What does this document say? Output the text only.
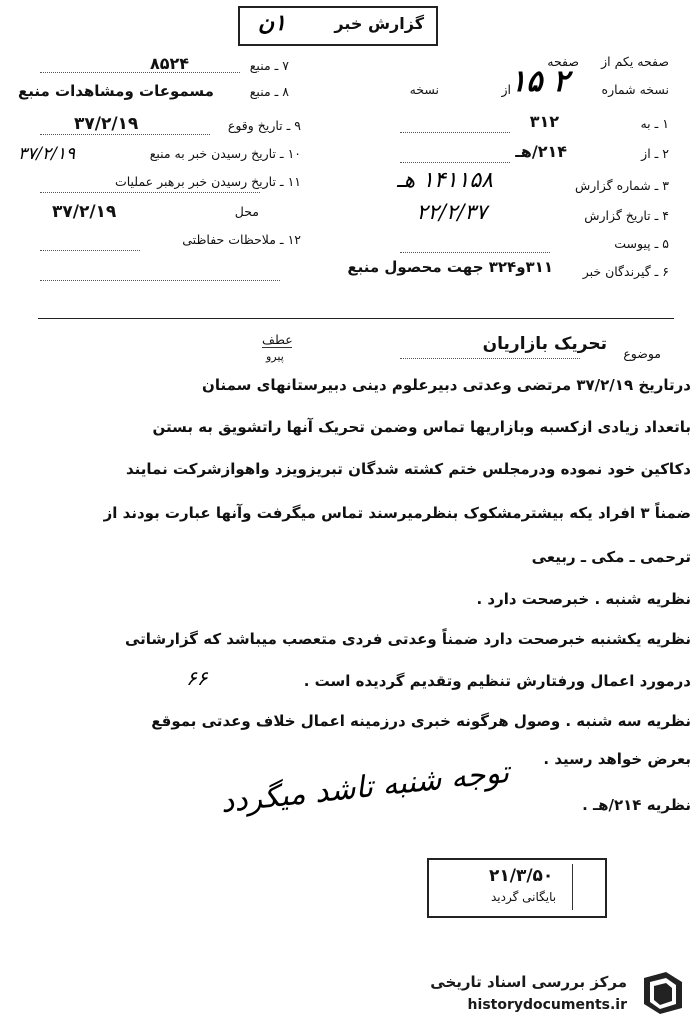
گزارش خبر
۱ن
۷ ـ منبع
۸۵۲۴
۸ ـ منبع
مسموعات ومشاهدات منبع
۹ ـ تاریخ وقوع
۳۷/۲/۱۹
۱۰ ـ تاریخ رسیدن خبر به منبع
۳۷/۲/۱۹
۱۱ ـ تاریخ رسیدن خبر برهبر عملیات
محل
۳۷/۲/۱۹
۱۲ ـ ملاحظات حفاظتی
صفحه یکم از
صفحه
نسخه شماره
۲ ۱۵
از
نسخه
۱ ـ به
۳۱۲
۲ ـ از
۲۱۴/هـ
۳ ـ شماره گزارش
۱۴۱۱۵۸ هـ
۴ ـ تاریخ گزارش
۲۲/۲/۳۷
۵ ـ پیوست
۶ ـ گیرندگان خبر
۳۱۱و۳۲۴ جهت محصول منبع
عطف
پیرو	موضوع
تحریک بازاریان
درتاریخ ۳۷/۲/۱۹ مرتضی وعدتی دبیرعلوم دینی دبیرستانهای سمنان
باتعداد زیادی ازکسبه وبازاریها تماس وضمن تحریک آنها راتشویق به بستن
دکاکین خود نموده ودرمجلس ختم کشته شدگان تبریزویزد واهوازشرکت نمایند
ضمناً ۳ افراد یکه بیشترمشکوک بنظرمیرسند تماس میگرفت وآنها عبارت بودند از
ترحمی ـ مکی ـ ربیعی
نظریه شنبه . خبرصحت دارد .
نظریه یکشنبه خبرصحت دارد ضمناً وعدتی فردی متعصب میباشد که گزارشاتی
درمورد اعمال ورفتارش تنظیم وتقدیم گردیده است .
۶۶
نظریه سه شنبه . وصول هرگونه خبری درزمینه اعمال خلاف وعدتی بموقع
بعرض خواهد رسید .
نظریه ۲۱۴/هـ .
توجه شنبه تاشد میگردد
۲۱/۳/۵۰
بایگانی گردید
مرکز بررسی اسناد تاریخی
historydocuments.ir
